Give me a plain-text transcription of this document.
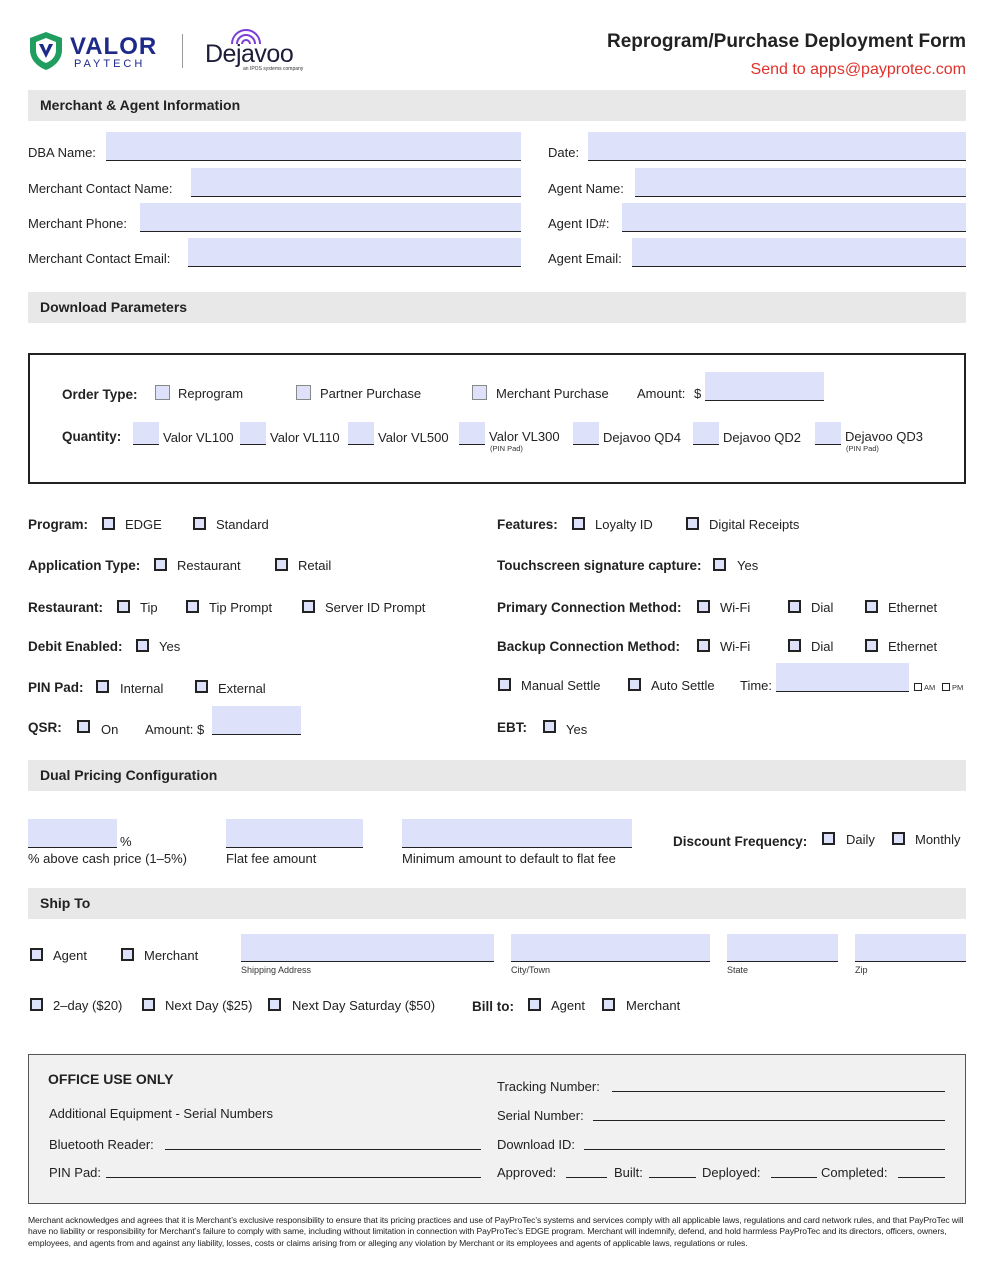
VALOR
PAYTECH Dejavoo
an IPOS systems company
Reprogram/Purchase Deployment Form
Send to apps@payprotec.com
Merchant & Agent Information
DBA Name:
Merchant Contact Name:
Merchant Phone:
Merchant Contact Email:
Date:
Agent Name:
Agent ID#:
Agent Email:
Download Parameters
Order Type:	Reprogram	Partner Purchase	Merchant Purchase Amount: $
Quantity:	Valor VL100	Valor VL110	Valor VL500	Valor VL300
(PIN Pad)
Dejavoo QD4	Dejavoo QD2	Dejavoo QD3
(PIN Pad)
Program:	EDGE	Standard
Application Type:	Restaurant	Retail
Restaurant:	Tip	Tip Prompt	Server ID Prompt
Debit Enabled:	Yes
PIN Pad:	Internal	External
QSR:	On Amount: $
Features:	Loyalty ID	Digital Receipts
Touchscreen signature capture:	Yes
Primary Connection Method:	Wi-Fi	Dial	Ethernet
Backup Connection Method:	Wi-Fi	Dial	Ethernet
Manual Settle	Auto Settle Time:	AM PM
EBT:	Yes
Dual Pricing Configuration
%
% above cash price (1–5%)	Flat fee amount	Minimum amount to default to flat fee
Discount Frequency:	Daily	Monthly
Ship To
Agent	Merchant
Shipping Address	City/Town	State	Zip
2–day ($20)	Next Day ($25)	Next Day Saturday ($50)	Bill to:	Agent	Merchant
OFFICE USE ONLY
Additional Equipment - Serial Numbers
Bluetooth Reader:
PIN Pad:
Tracking Number:
Serial Number:
Download ID:
Approved:	Built:	Deployed:	Completed:
Merchant acknowledges and agrees that it is Merchant’s exclusive responsibility to ensure that its pricing practices and use of PayProTec’s systems and services comply with all applicable laws, regulations and card network rules, and that PayProTec will have no liability or responsibility for Merchant’s failure to comply with same, including without limitation in connection with PayProTec’s EDGE program. Merchant will indemnify, defend, and hold harmless PayProTec and its directors, officers, owners, employees, and agents from and against any liability, losses, costs or claims arising from or alleging any violation by Merchant or its employees and agents of applicable laws, regulations or rules.
